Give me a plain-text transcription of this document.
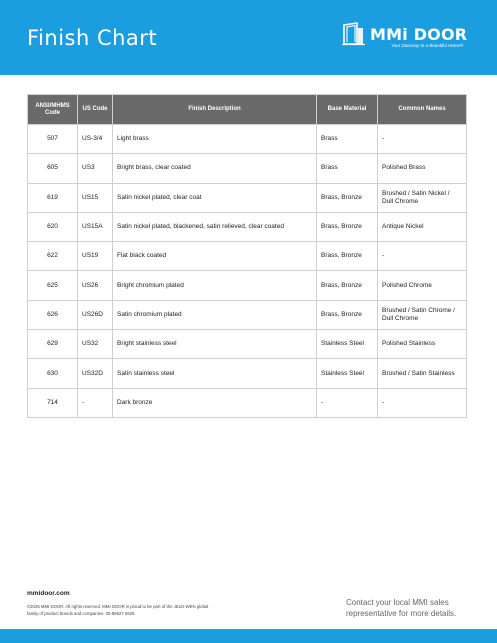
Finish Chart	MMi DOOR
Your Doorway to a Beautiful Home®
ANSI/MHMS Code	US Code	Finish Description	Base Material	Common Names
507	US-3/4	Light brass	Brass	-
605	US3	Bright brass, clear coated	Brass	Polished Brass
619	US15	Satin nickel plated, clear coat	Brass, Bronze	Brushed / Satin Nickel / Dull Chrome
620	US15A	Satin nickel plated, blackened, satin relieved, clear coated	Brass, Bronze	Antique Nickel
622	US19	Flat black coated	Brass, Bronze	-
625	US26	Bright chromium plated	Brass, Bronze	Polished Chrome
626	US26D	Satin chromium plated	Brass, Bronze	Brushed / Satin Chrome / Dull Chrome
629	US32	Bright stainless steel	Stainless Steel	Polished Stainless
630	US32D	Satin stainless steel	Stainless Steel	Brushed / Satin Stainless
714	-	Dark bronze	-	-
mmidoor.com
©2025 MMI DOOR. All rights reserved. MMI DOOR is proud to be part of the JELD-WEN global family of product brands and companies. 25-99627 0625
Contact your local MMI sales representative for more details.
